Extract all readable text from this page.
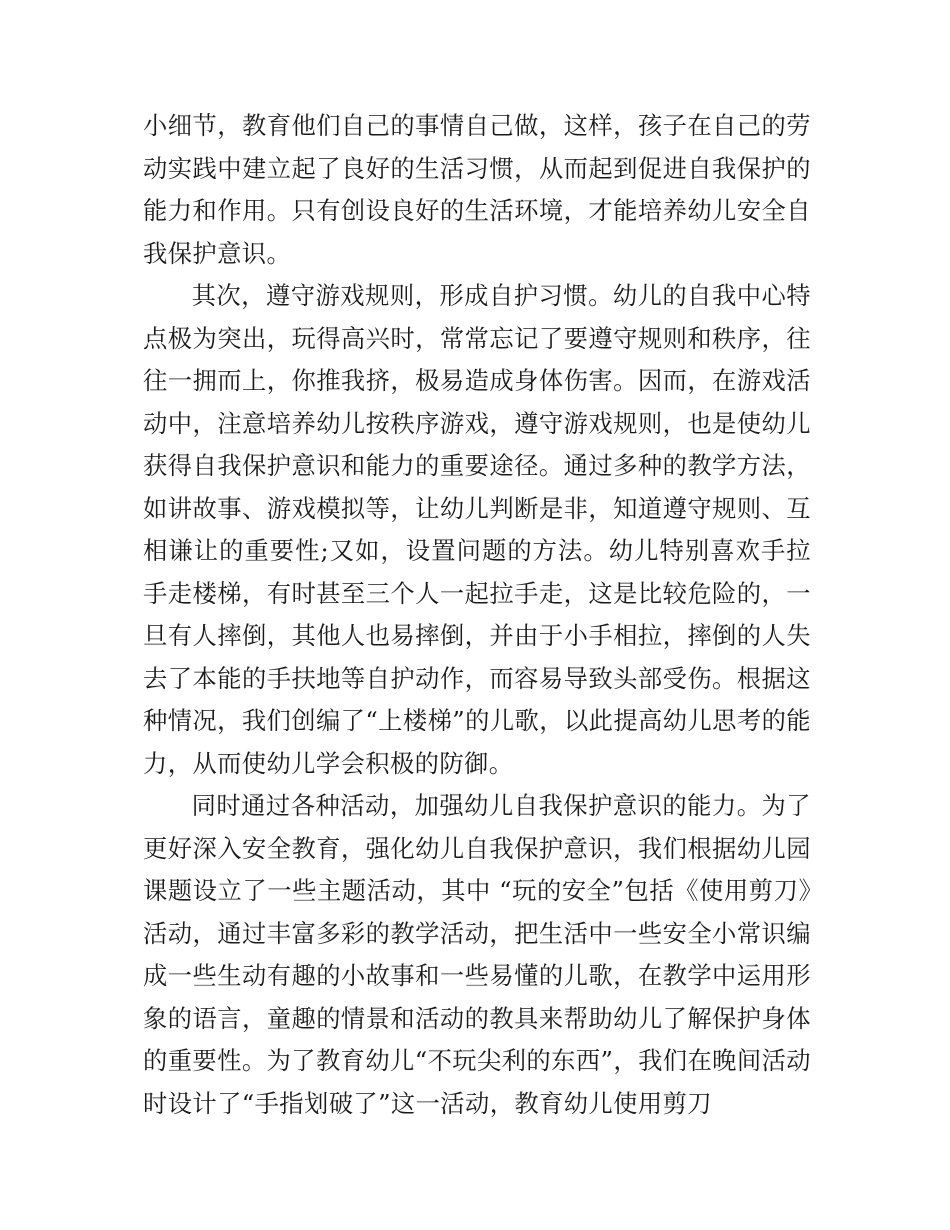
小细节，教育他们自己的事情自己做，这样，孩子在自己的劳动实践中建立起了良好的生活习惯，从而起到促进自我保护的能力和作用。只有创设良好的生活环境，才能培养幼儿安全自我保护意识。

其次，遵守游戏规则，形成自护习惯。幼儿的自我中心特点极为突出，玩得高兴时，常常忘记了要遵守规则和秩序，往往一拥而上，你推我挤，极易造成身体伤害。因而，在游戏活动中，注意培养幼儿按秩序游戏，遵守游戏规则，也是使幼儿获得自我保护意识和能力的重要途径。通过多种的教学方法，如讲故事、游戏模拟等，让幼儿判断是非，知道遵守规则、互相谦让的重要性;又如，设置问题的方法。幼儿特别喜欢手拉手走楼梯，有时甚至三个人一起拉手走，这是比较危险的，一旦有人摔倒，其他人也易摔倒，并由于小手相拉，摔倒的人失去了本能的手扶地等自护动作，而容易导致头部受伤。根据这种情况，我们创编了“上楼梯”的儿歌，以此提高幼儿思考的能力，从而使幼儿学会积极的防御。

同时通过各种活动，加强幼儿自我保护意识的能力。为了更好深入安全教育，强化幼儿自我保护意识，我们根据幼儿园课题设立了一些主题活动，其中 “玩的安全”包括《使用剪刀》活动，通过丰富多彩的教学活动，把生活中一些安全小常识编成一些生动有趣的小故事和一些易懂的儿歌，在教学中运用形象的语言，童趣的情景和活动的教具来帮助幼儿了解保护身体的重要性。为了教育幼儿“不玩尖利的东西”，我们在晚间活动时设计了“手指划破了”这一活动，教育幼儿使用剪刀
